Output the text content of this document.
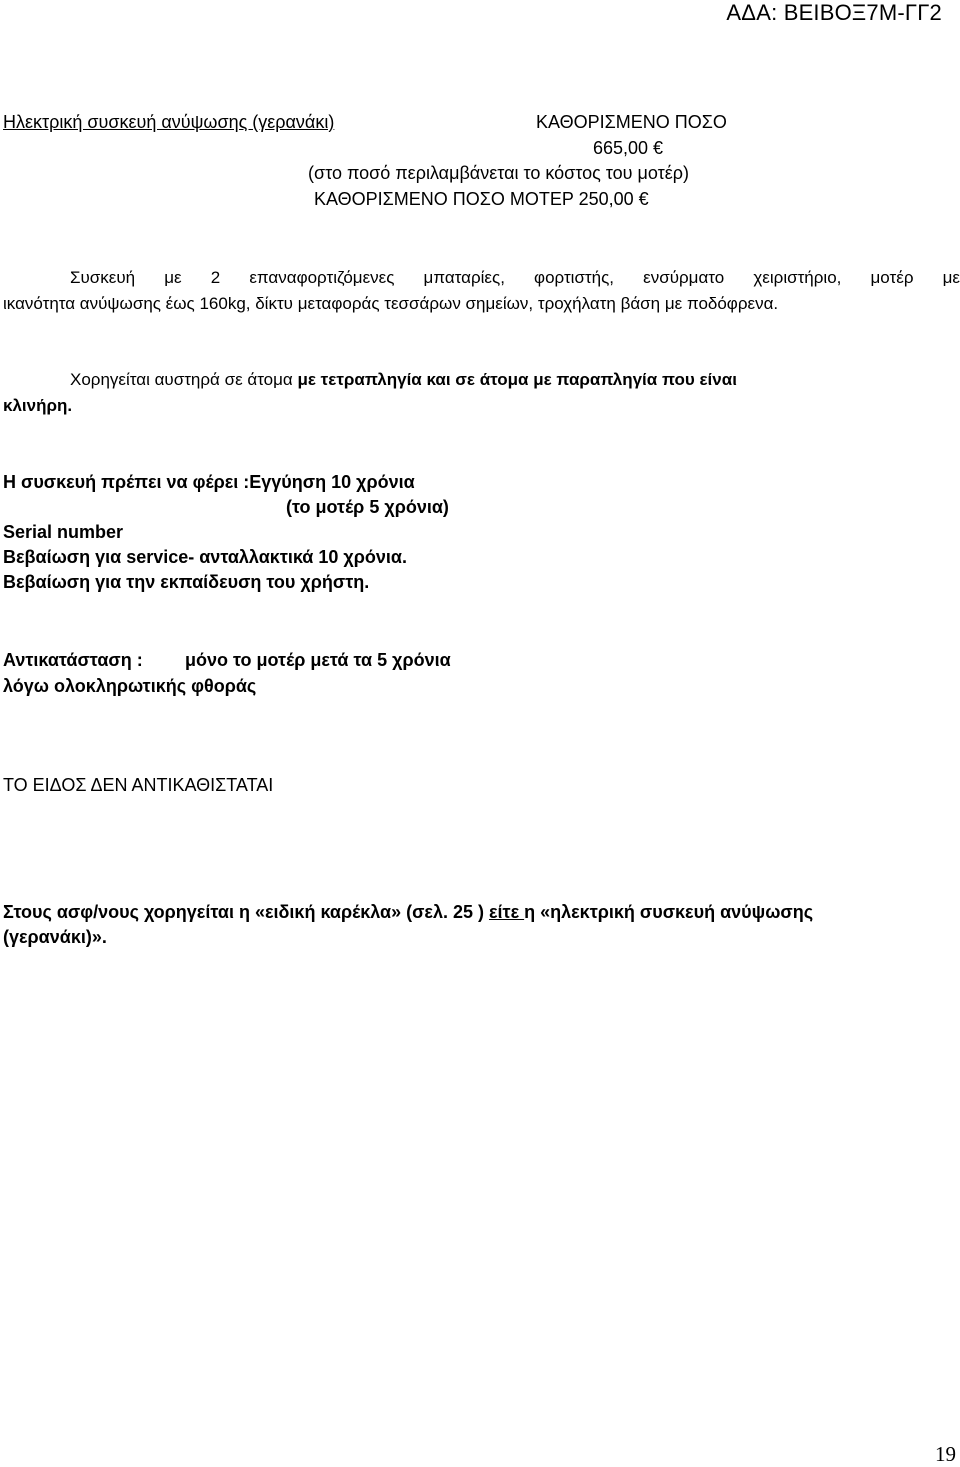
ΑΔΑ: ΒΕΙΒΟΞ7Μ-ΓΓ2
Ηλεκτρική συσκευή ανύψωσης (γερανάκι)	ΚΑΘΟΡΙΣΜΕΝΟ ΠΟΣΟ
665,00 €
(στο ποσό περιλαμβάνεται το κόστος του μοτέρ)
ΚΑΘΟΡΙΣΜΕΝΟ ΠΟΣΟ ΜΟΤΕΡ 250,00 €
Συσκευή με 2 επαναφορτιζόμενες μπαταρίες, φορτιστής, ενσύρματο χειριστήριο, μοτέρ με
ικανότητα ανύψωσης έως 160kg, δίκτυ μεταφοράς τεσσάρων σημείων, τροχήλατη βάση με ποδόφρενα.
Χορηγείται αυστηρά σε άτομα με τετραπληγία και σε άτομα με παραπληγία που είναι
κλινήρη.
Η συσκευή πρέπει να φέρει :Εγγύηση 10 χρόνια
(το μοτέρ 5 χρόνια)
Serial number
Βεβαίωση για service- ανταλλακτικά 10 χρόνια.
Βεβαίωση για την εκπαίδευση του χρήστη.
Αντικατάσταση : μόνο το μοτέρ μετά τα 5 χρόνια
λόγω ολοκληρωτικής φθοράς
ΤΟ ΕΙΔΟΣ ΔΕΝ ΑΝΤΙΚΑΘΙΣΤΑΤΑΙ
Στους ασφ/νους χορηγείται η «ειδική καρέκλα» (σελ. 25 ) είτε η «ηλεκτρική συσκευή ανύψωσης
(γερανάκι)».
19
